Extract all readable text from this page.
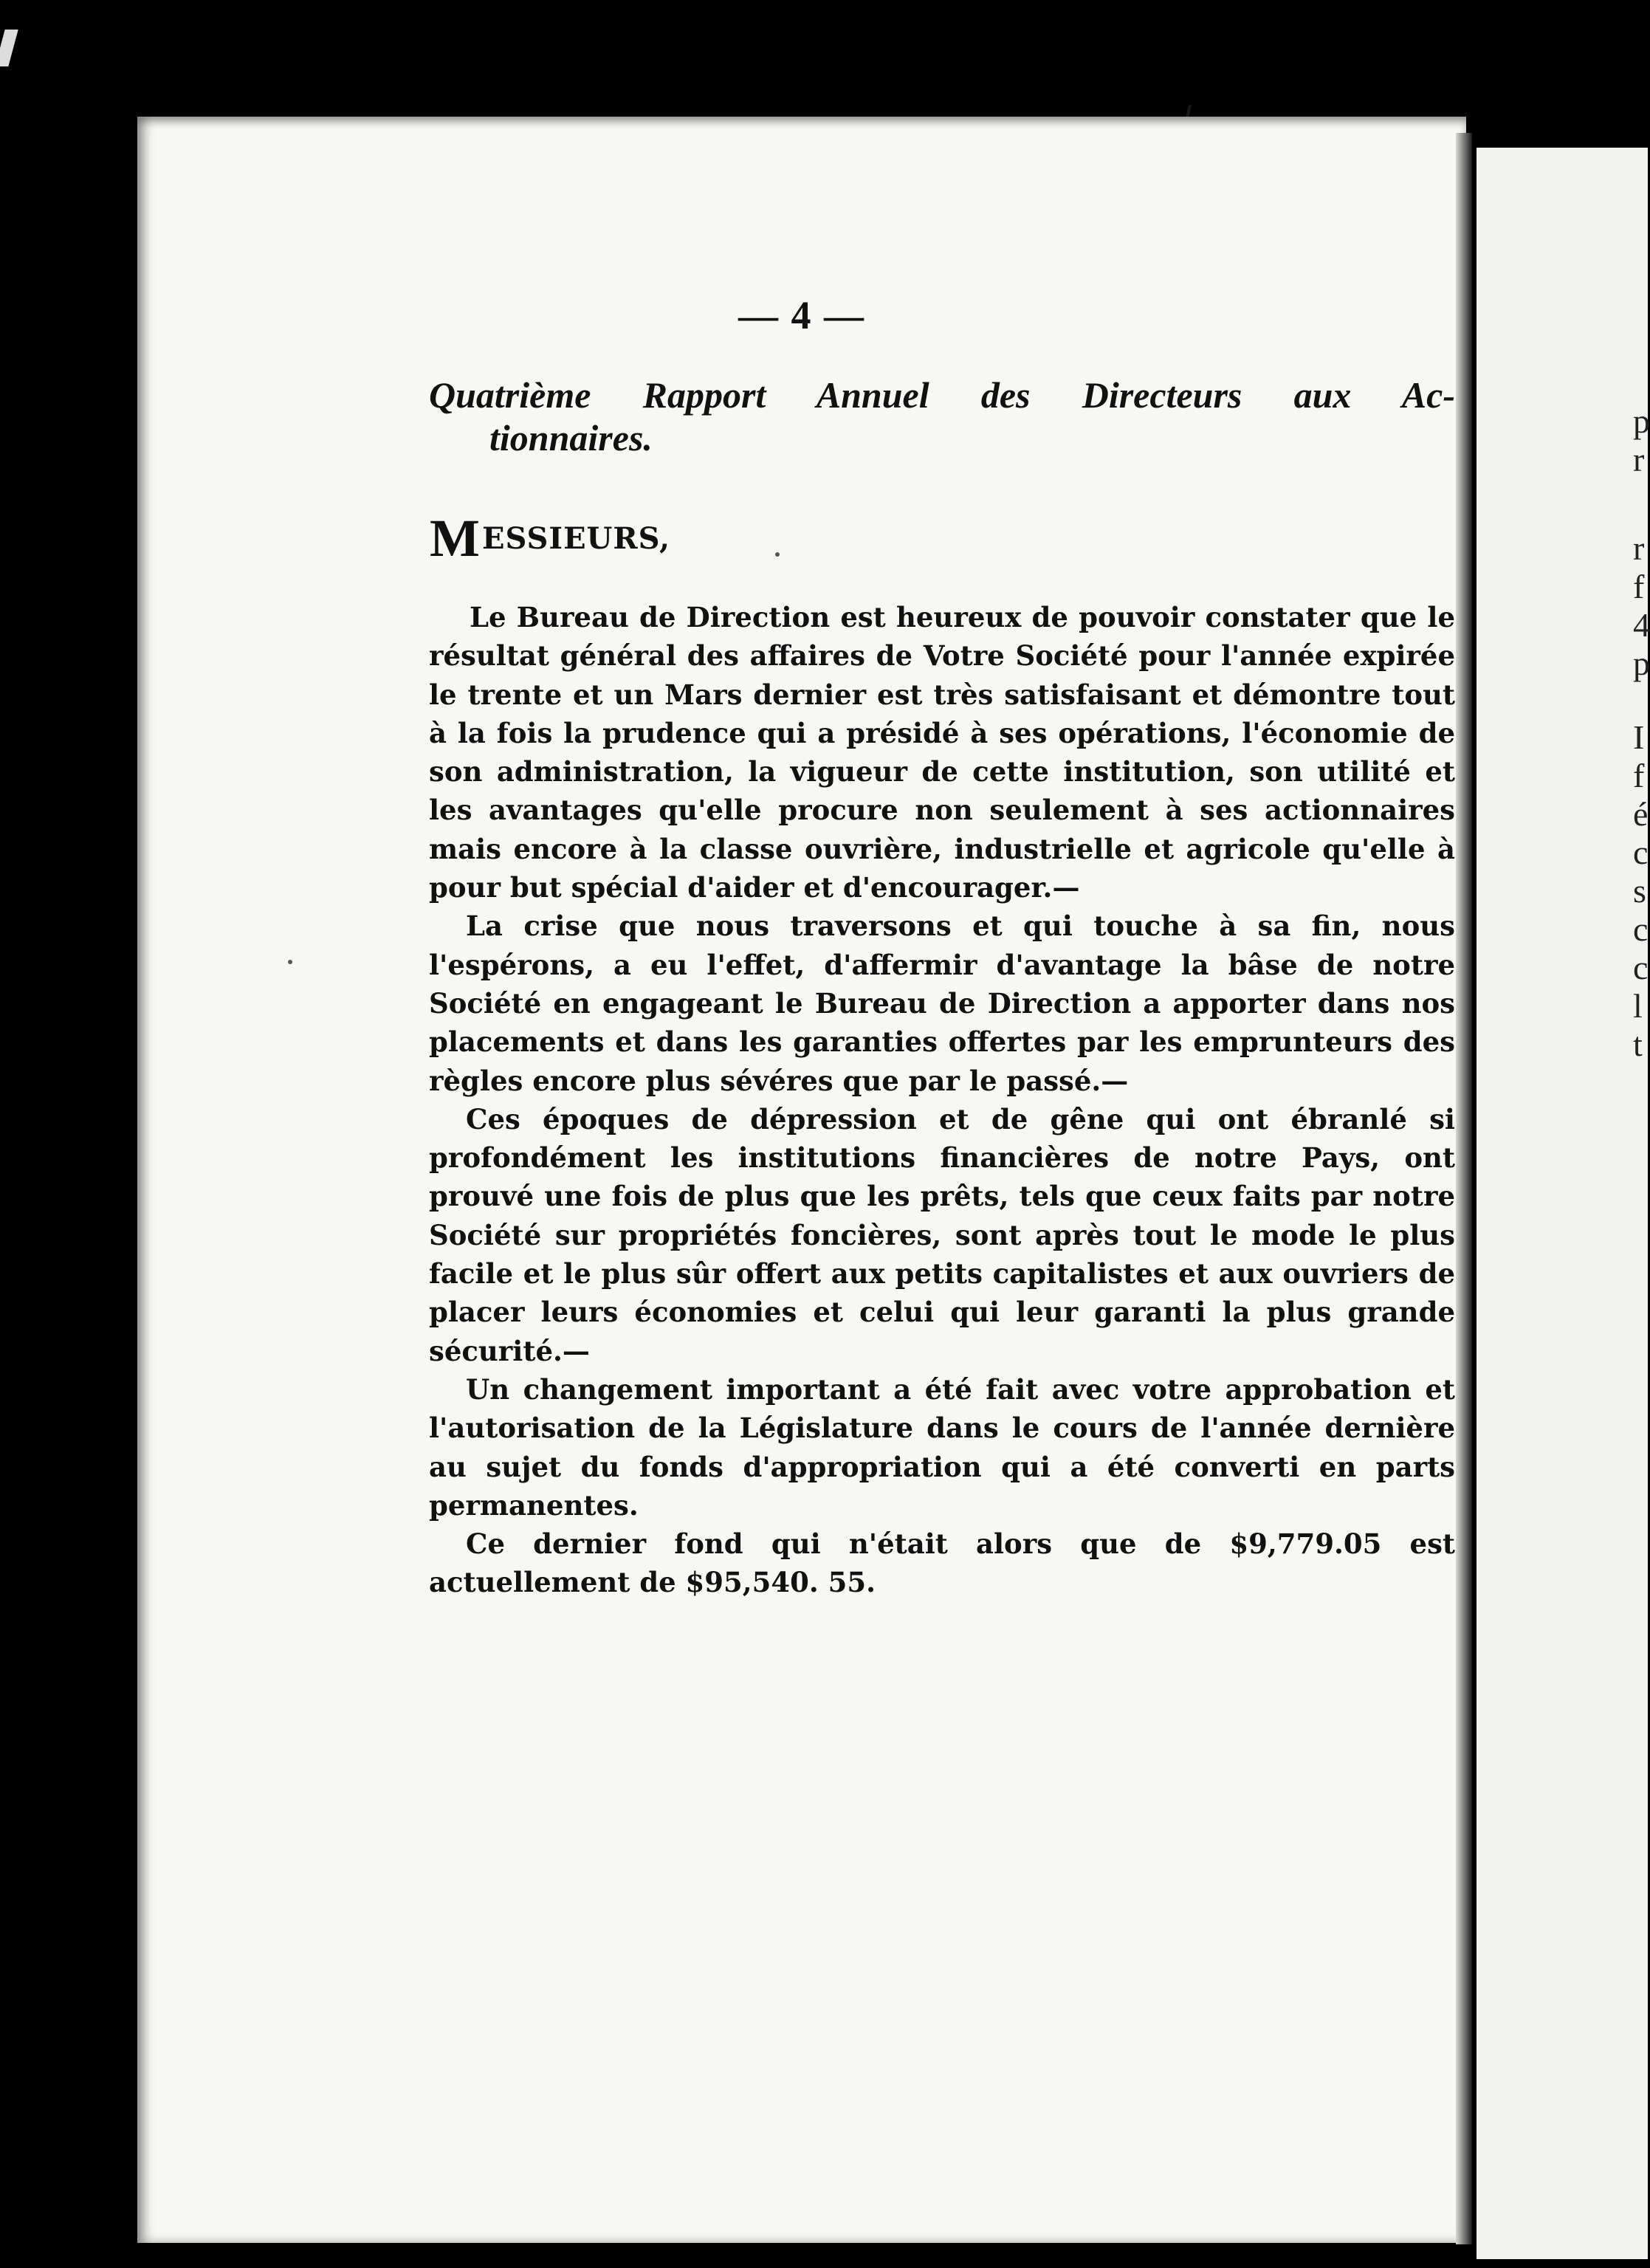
— 4 —
Quatrième Rapport Annuel des Directeurs aux Ac-
tionnaires.
MESSIEURS,

Le Bureau de Direction est heureux de pouvoir constater que le résultat général des affaires de Votre Société pour l'année expirée le trente et un Mars dernier est très satisfaisant et démontre tout à la fois la prudence qui a présidé à ses opérations, l'économie de son administration, la vigueur de cette institution, son utilité et les avantages qu'elle procure non seulement à ses actionnaires mais encore à la classe ouvrière, industrielle et agricole qu'elle à pour but spécial d'aider et d'encourager.—

La crise que nous traversons et qui touche à sa fin, nous l'espérons, a eu l'effet, d'affermir d'avantage la bâse de notre Société en engageant le Bureau de Direction a apporter dans nos placements et dans les garanties offertes par les emprunteurs des règles encore plus sévéres que par le passé.—

Ces époques de dépression et de gêne qui ont ébranlé si profondément les institutions financières de notre Pays, ont prouvé une fois de plus que les prêts, tels que ceux faits par notre Société sur propriétés foncières, sont après tout le mode le plus facile et le plus sûr offert aux petits capitalistes et aux ouvriers de placer leurs économies et celui qui leur garanti la plus grande sécurité.—

Un changement important a été fait avec votre approbation et l'autorisation de la Législature dans le cours de l'année dernière au sujet du fonds d'appropriation qui a été converti en parts permanentes.

Ce dernier fond qui n'était alors que de $9,779.05 est actuellement de $95,540. 55.

p
r
r
f
4
p
I
f
é
c
s
c
c
l
t
